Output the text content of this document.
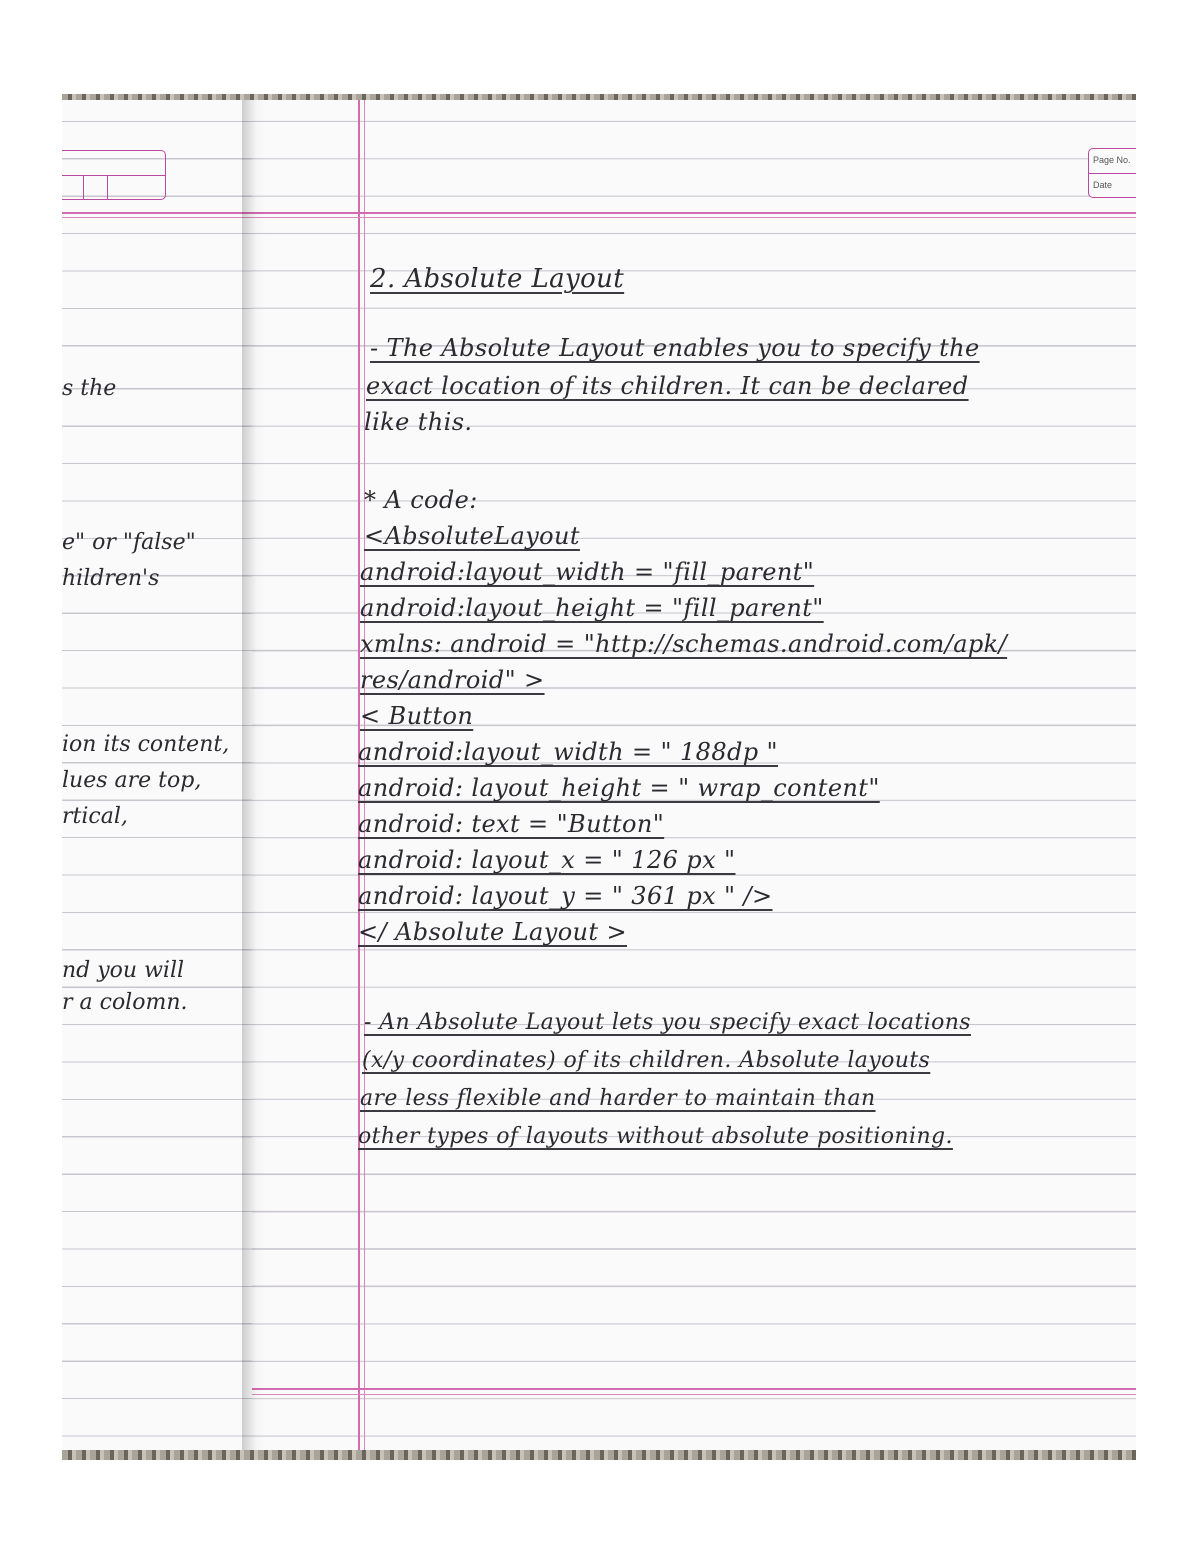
s the
e" or "false"
hildren's
ion its content,
lues are top,
rtical,
nd you will
r a colomn.
Page No.
Date
2. Absolute Layout
- The Absolute Layout enables you to specify the
exact location of its children. It can be declared
like this.
* A code:
<AbsoluteLayout
android:layout_width = "fill_parent"
android:layout_height = "fill_parent"
xmlns: android = "http://schemas.android.com/apk/
res/android" >
< Button
android:layout_width = " 188dp "
android: layout_height = " wrap_content"
android: text = "Button"
android: layout_x = " 126 px "
android: layout_y = " 361 px " />
</ Absolute Layout >
- An Absolute Layout lets you specify exact locations
(x/y coordinates) of its children. Absolute layouts
are less flexible and harder to maintain than
other types of layouts without absolute positioning.
